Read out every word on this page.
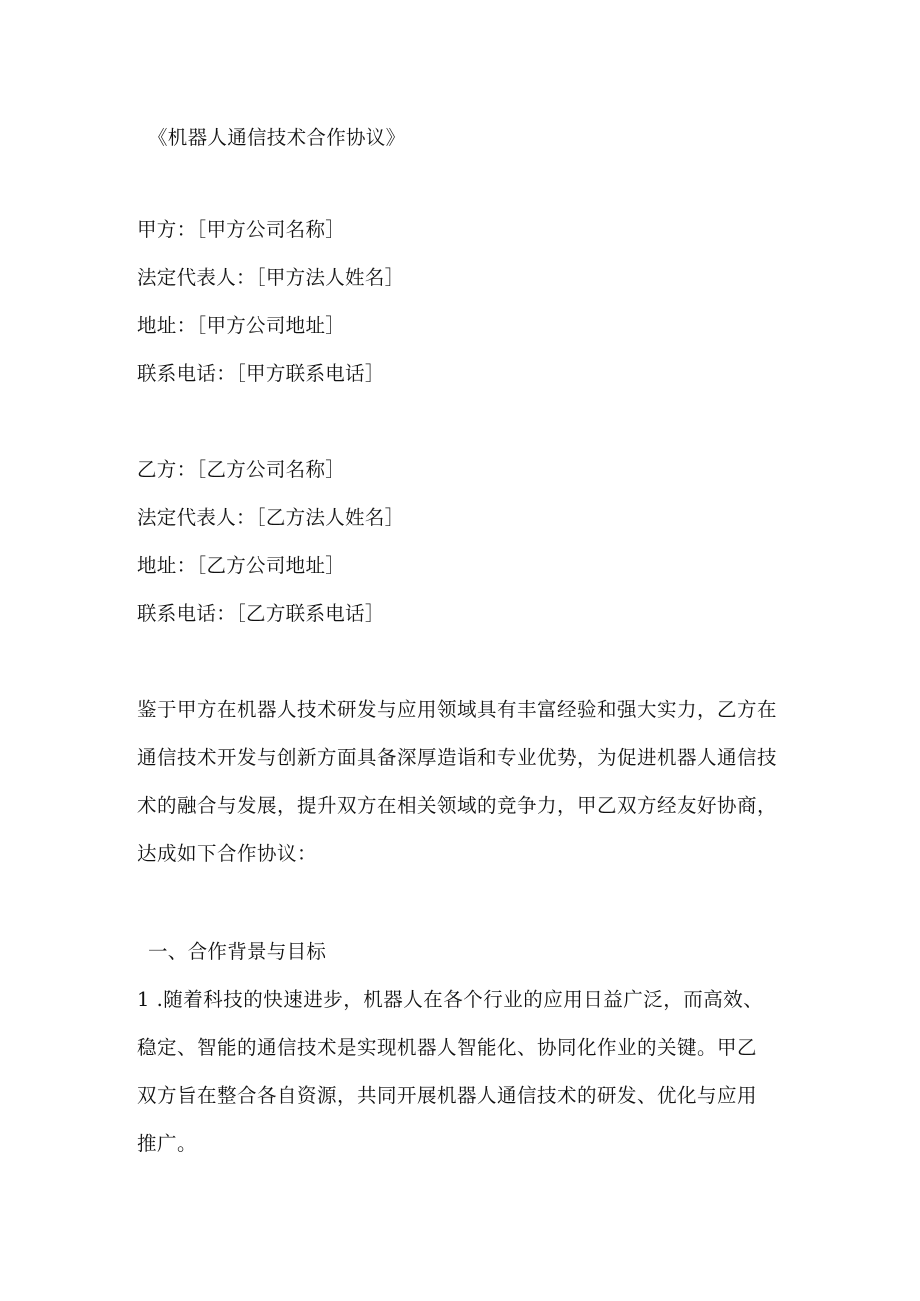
《机器人通信技术合作协议》
甲方：［甲方公司名称］
法定代表人：［甲方法人姓名］
地址：［甲方公司地址］
联系电话：［甲方联系电话］
乙方：［乙方公司名称］
法定代表人：［乙方法人姓名］
地址：［乙方公司地址］
联系电话：［乙方联系电话］
鉴于甲方在机器人技术研发与应用领域具有丰富经验和强大实力，乙方在
通信技术开发与创新方面具备深厚造诣和专业优势，为促进机器人通信技
术的融合与发展，提升双方在相关领域的竞争力，甲乙双方经友好协商，
达成如下合作协议：
一、合作背景与目标
1 .随着科技的快速进步，机器人在各个行业的应用日益广泛，而高效、
稳定、智能的通信技术是实现机器人智能化、协同化作业的关键。甲乙
双方旨在整合各自资源，共同开展机器人通信技术的研发、优化与应用
推广。
